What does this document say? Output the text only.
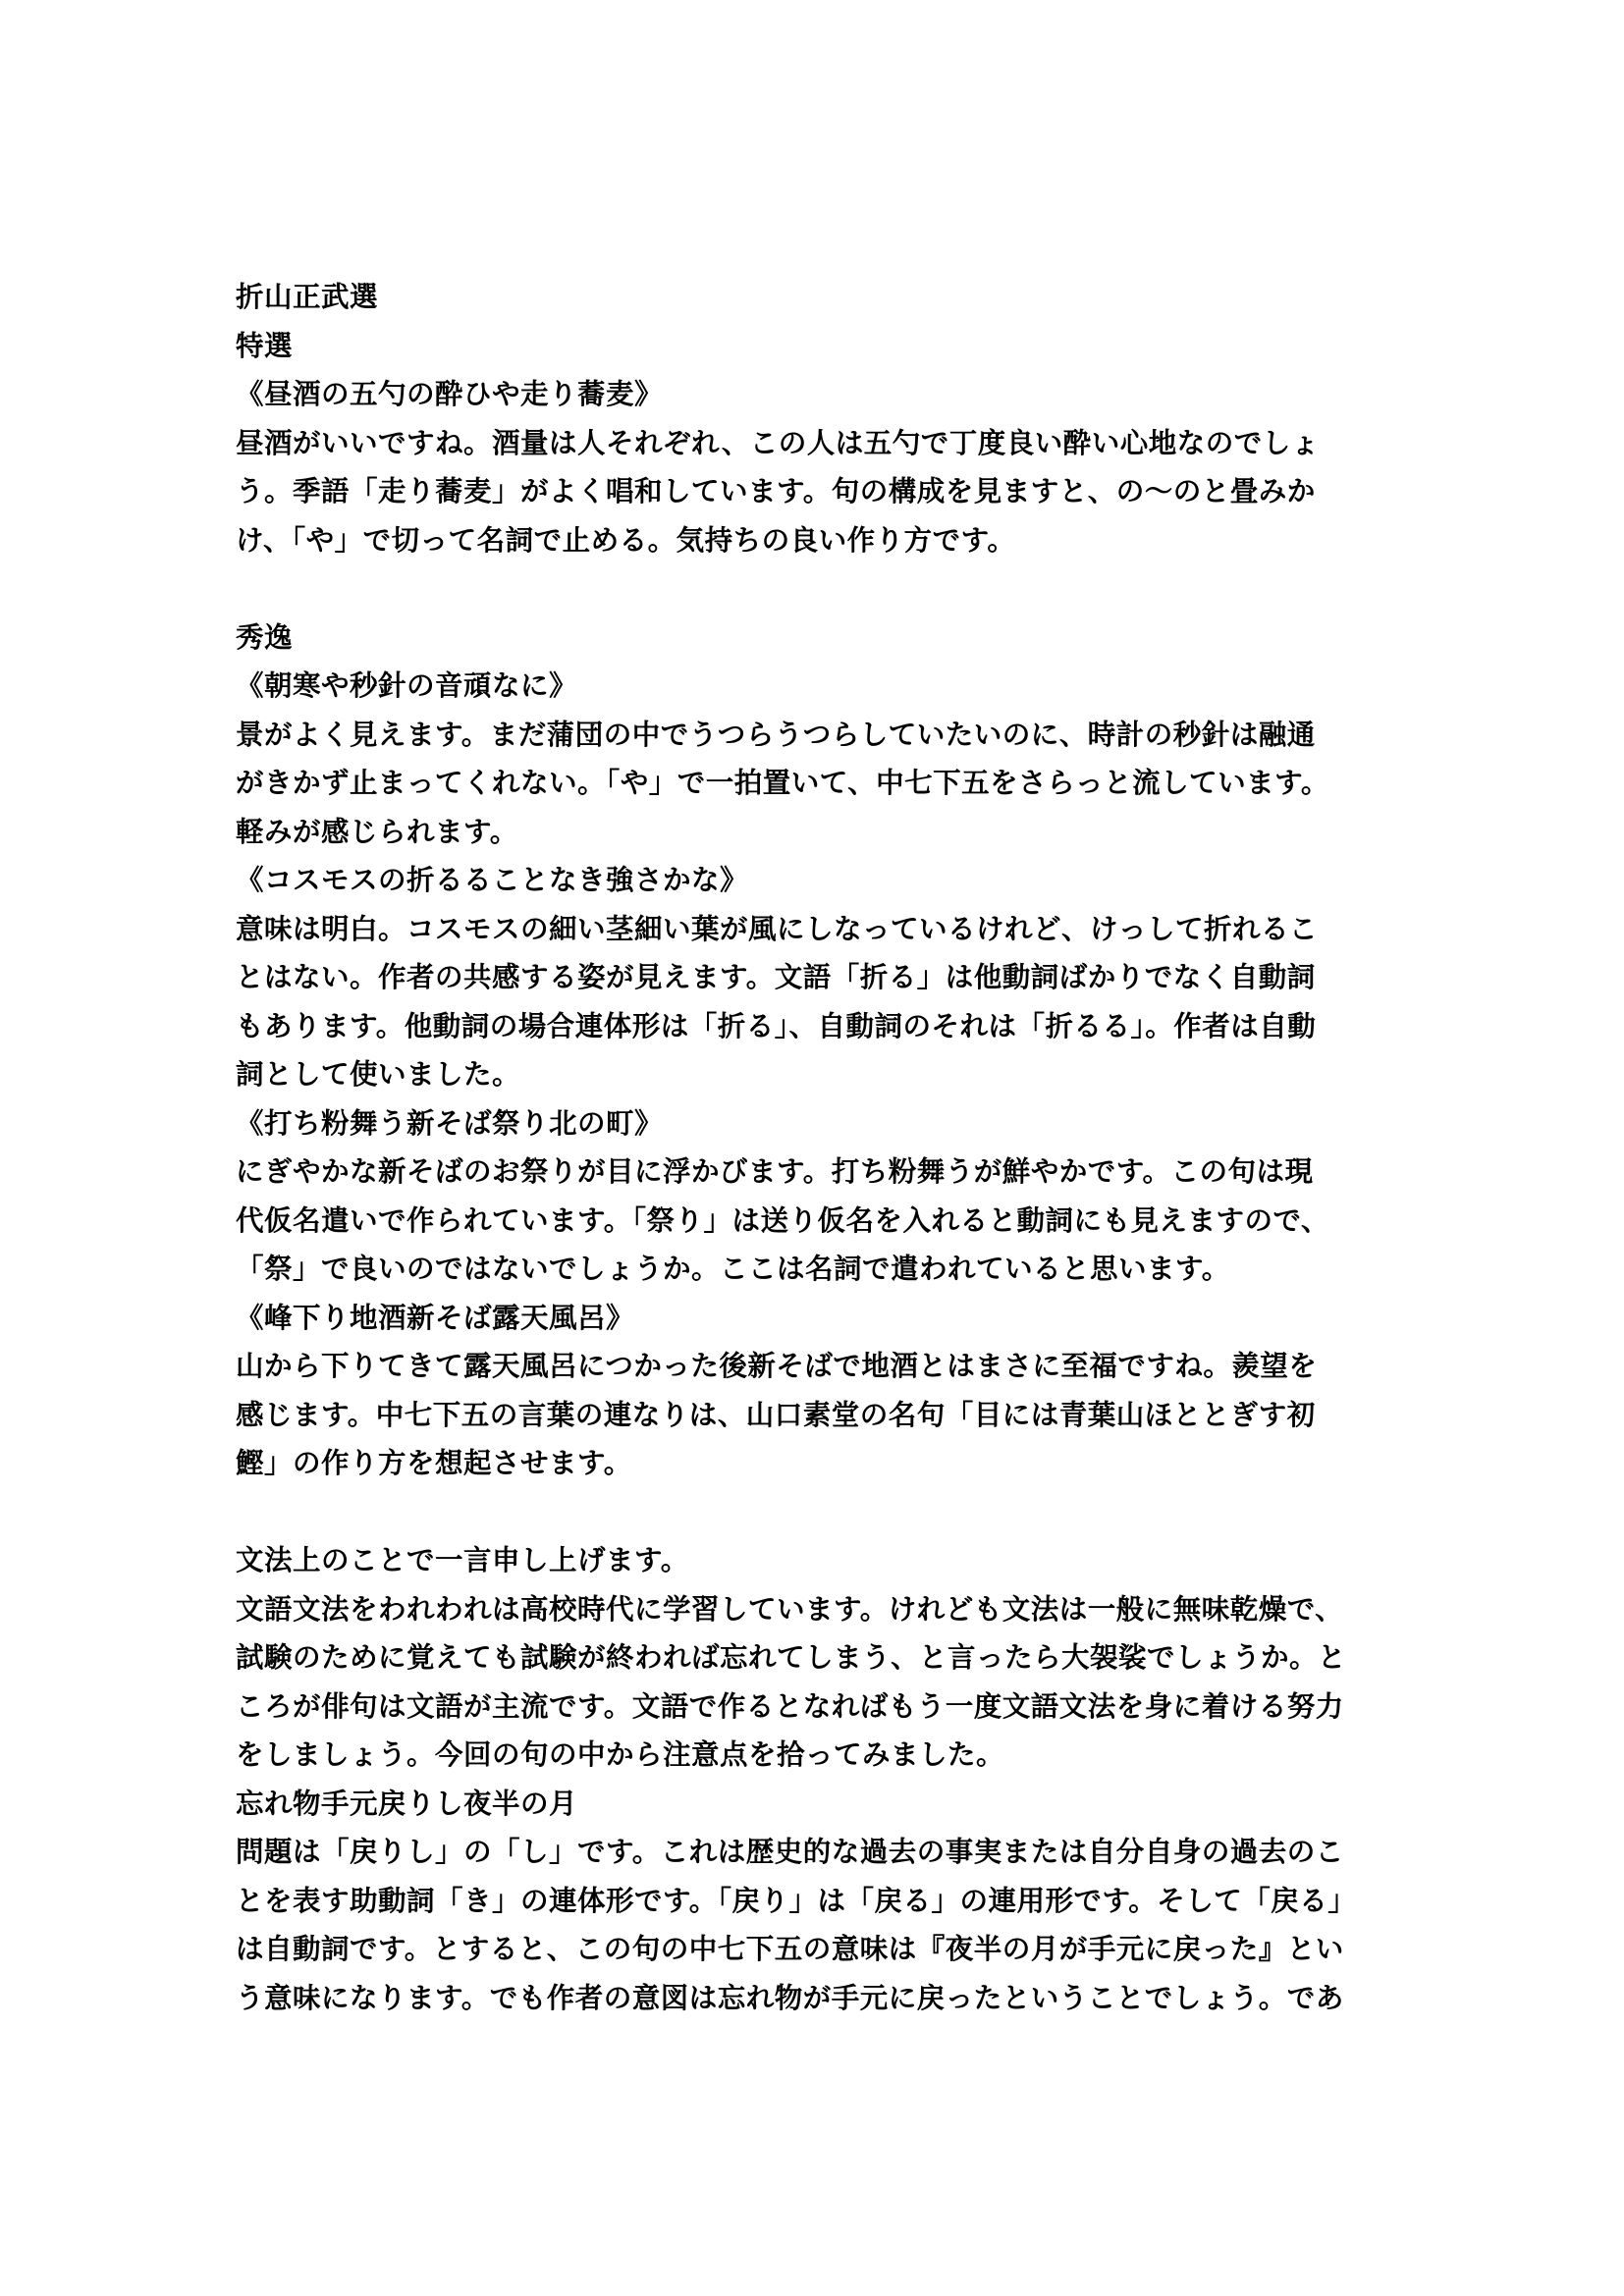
折山正武選
特選
《昼酒の五勺の酔ひや走り蕎麦》
昼酒がいいですね。酒量は人それぞれ、この人は五勺で丁度良い酔い心地なのでしょ
う。季語「走り蕎麦」がよく唱和しています。句の構成を見ますと、の〜のと畳みか
け、「や」で切って名詞で止める。気持ちの良い作り方です。
秀逸
《朝寒や秒針の音頑なに》
景がよく見えます。まだ蒲団の中でうつらうつらしていたいのに、時計の秒針は融通
がきかず止まってくれない。「や」で一拍置いて、中七下五をさらっと流しています。
軽みが感じられます。
《コスモスの折るることなき強さかな》
意味は明白。コスモスの細い茎細い葉が風にしなっているけれど、けっして折れるこ
とはない。作者の共感する姿が見えます。文語「折る」は他動詞ばかりでなく自動詞
もあります。他動詞の場合連体形は「折る」、自動詞のそれは「折るる」。作者は自動
詞として使いました。
《打ち粉舞う新そば祭り北の町》
にぎやかな新そばのお祭りが目に浮かびます。打ち粉舞うが鮮やかです。この句は現
代仮名遣いで作られています。「祭り」は送り仮名を入れると動詞にも見えますので、
「祭」で良いのではないでしょうか。ここは名詞で遣われていると思います。
《峰下り地酒新そば露天風呂》
山から下りてきて露天風呂につかった後新そばで地酒とはまさに至福ですね。羨望を
感じます。中七下五の言葉の連なりは、山口素堂の名句「目には青葉山ほととぎす初
鰹」の作り方を想起させます。
文法上のことで一言申し上げます。
文語文法をわれわれは高校時代に学習しています。けれども文法は一般に無味乾燥で、
試験のために覚えても試験が終われば忘れてしまう、と言ったら大袈裟でしょうか。と
ころが俳句は文語が主流です。文語で作るとなればもう一度文語文法を身に着ける努力
をしましょう。今回の句の中から注意点を拾ってみました。
忘れ物手元戻りし夜半の月
問題は「戻りし」の「し」です。これは歴史的な過去の事実または自分自身の過去のこ
とを表す助動詞「き」の連体形です。「戻り」は「戻る」の連用形です。そして「戻る」
は自動詞です。とすると、この句の中七下五の意味は『夜半の月が手元に戻った』とい
う意味になります。でも作者の意図は忘れ物が手元に戻ったということでしょう。であ
